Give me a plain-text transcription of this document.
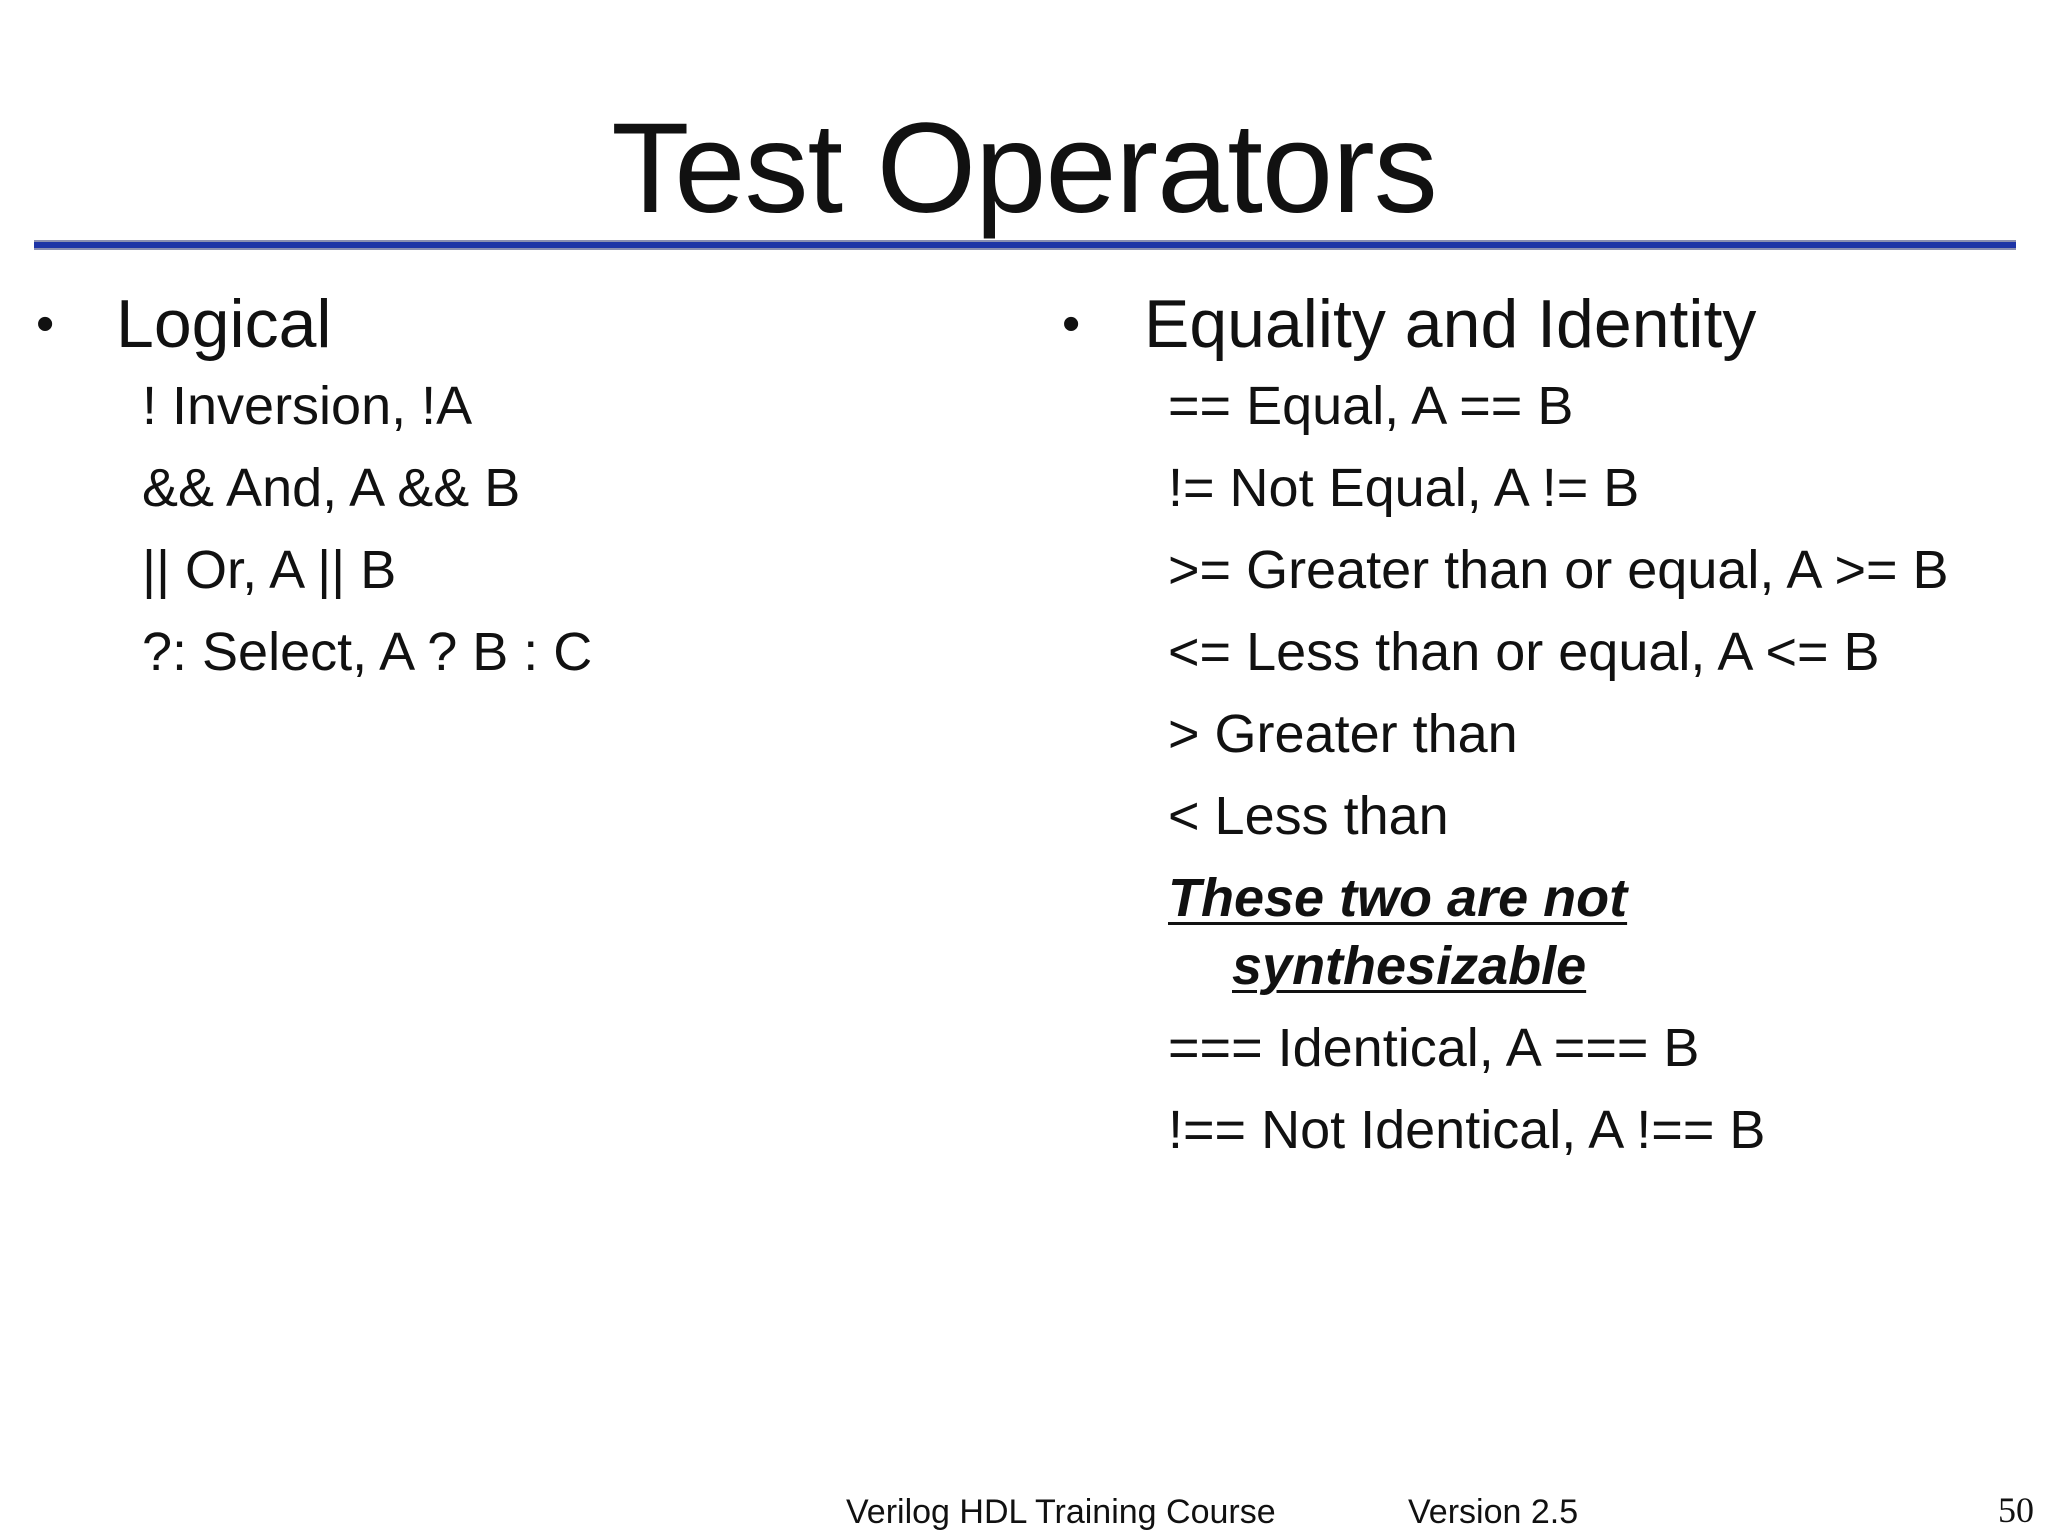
Test Operators
• Logical
! Inversion, !A
&& And, A && B
|| Or, A || B
?: Select, A ? B : C
• Equality and Identity
== Equal, A == B
!= Not Equal, A != B
>= Greater than or equal, A >= B
<= Less than or equal, A <= B
> Greater than
< Less than
These two are not synthesizable
=== Identical, A === B
!== Not Identical, A !== B
Verilog HDL Training Course	Version 2.5	50
